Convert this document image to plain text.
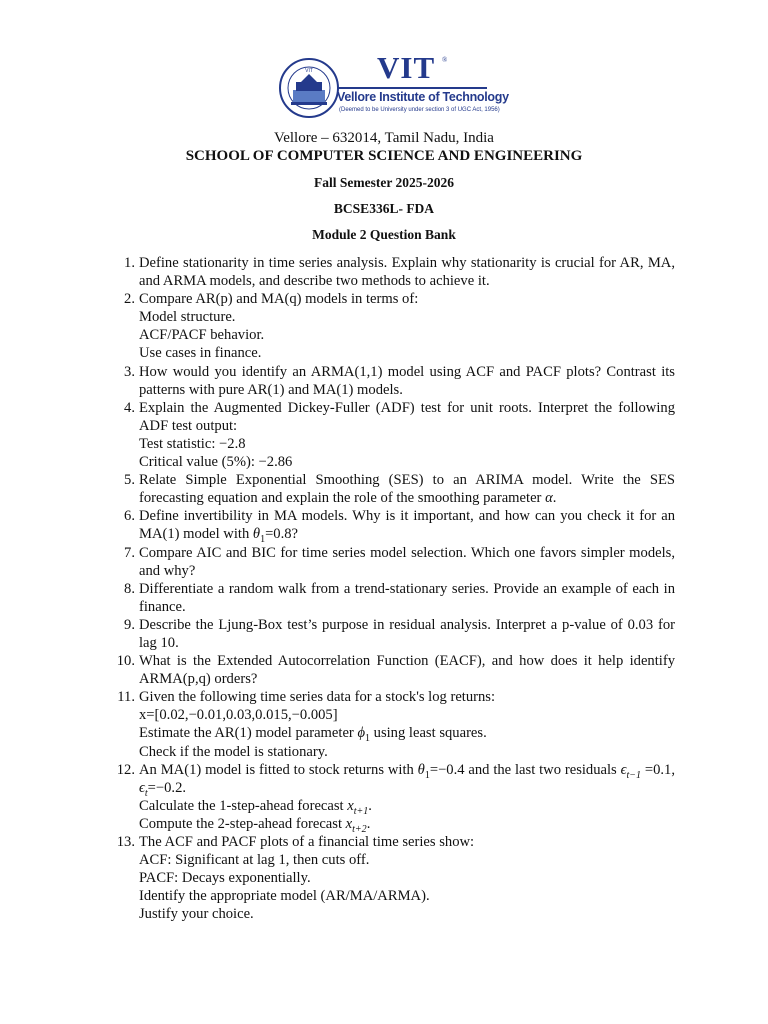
VIT VIT ®
Vellore Institute of Technology
(Deemed to be University under section 3 of UGC Act, 1956)
Vellore – 632014, Tamil Nadu, India
SCHOOL OF COMPUTER SCIENCE AND ENGINEERING
Fall Semester 2025-2026
BCSE336L- FDA
Module 2 Question Bank
1. Define stationarity in time series analysis. Explain why stationarity is crucial for AR, MA, and ARMA models, and describe two methods to achieve it.
2. Compare AR(p) and MA(q) models in terms of:
Model structure.
ACF/PACF behavior.
Use cases in finance.
3. How would you identify an ARMA(1,1) model using ACF and PACF plots? Contrast its patterns with pure AR(1) and MA(1) models.
4. Explain the Augmented Dickey-Fuller (ADF) test for unit roots. Interpret the following ADF test output:
Test statistic: −2.8
Critical value (5%): −2.86
5. Relate Simple Exponential Smoothing (SES) to an ARIMA model. Write the SES forecasting equation and explain the role of the smoothing parameter α.
6. Define invertibility in MA models. Why is it important, and how can you check it for an MA(1) model with $\theta_1=0.8$?
7. Compare AIC and BIC for time series model selection. Which one favors simpler models, and why?
8. Differentiate a random walk from a trend-stationary series. Provide an example of each in finance.
9. Describe the Ljung-Box test’s purpose in residual analysis. Interpret a p-value of 0.03 for lag 10.
10. What is the Extended Autocorrelation Function (EACF), and how does it help identify ARMA(p,q) orders?
11. Given the following time series data for a stock's log returns:
x=[0.02,−0.01,0.03,0.015,−0.005]
Estimate the AR(1) model parameter $\phi_1$ using least squares.
Check if the model is stationary.
12. An MA(1) model is fitted to stock returns with $\theta_1=-0.4$ and the last two residuals $\epsilon_{t-1} =0.1$, $\epsilon_t=-0.2$.
Calculate the 1-step-ahead forecast $x_{t+1}$.
Compute the 2-step-ahead forecast $x_{t+2}$.
13. The ACF and PACF plots of a financial time series show:
ACF: Significant at lag 1, then cuts off.
PACF: Decays exponentially.
Identify the appropriate model (AR/MA/ARMA).
Justify your choice.
